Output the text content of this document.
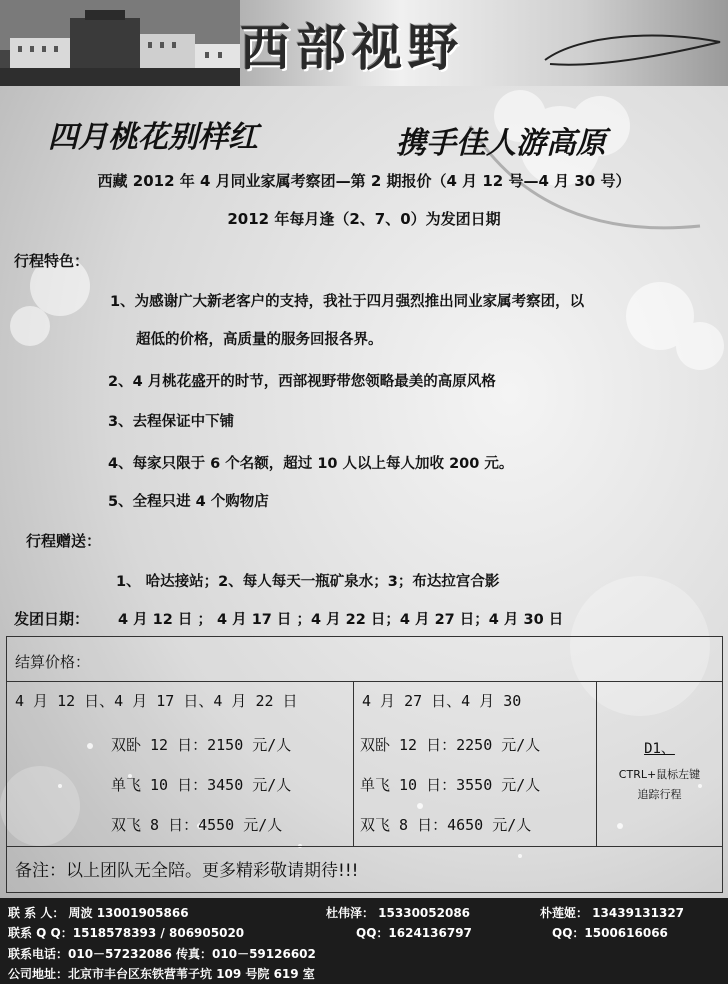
西部视野
四月桃花别样红	携手佳人游高原
西藏 2012 年 4 月同业家属考察团—第 2 期报价（4 月 12 号—4 月 30 号）
2012 年每月逢（2、7、0）为发团日期
行程特色：
1、为感谢广大新老客户的支持，我社于四月强烈推出同业家属考察团，以
超低的价格，高质量的服务回报各界。
2、4 月桃花盛开的时节，西部视野带您领略最美的高原风格
3、去程保证中下铺
4、每家只限于 6 个名额，超过 10 人以上每人加收 200 元。
5、全程只进 4 个购物店
行程赠送：
1、 哈达接站；2、每人每天一瓶矿泉水；3；布达拉宫合影
发团日期： 4 月 12 日 ； 4 月 17 日 ；4 月 22 日；4 月 27 日；4 月 30 日
结算价格：
4 月 12 日、4 月 17 日、4 月 22 日
双卧 12 日：2150 元/人
单飞 10 日：3450 元/人
双飞 8 日：4550 元/人
4 月 27 日、4 月 30
双卧 12 日：2250 元/人
单飞 10 日：3550 元/人
双飞 8 日：4650 元/人
D1、
CTRL+鼠标左键
追踪行程
备注：以上团队无全陪。更多精彩敬请期待!!!
联 系 人： 周波 13001905866	杜伟泽： 15330052086	朴莲姬： 13439131327
联系 Q Q：1518578393 / 806905020	QQ：1624136797	QQ：1500616066
联系电话：010－57232086 传真：010－59126602
公司地址：北京市丰台区东铁营苇子坑 109 号院 619 室
